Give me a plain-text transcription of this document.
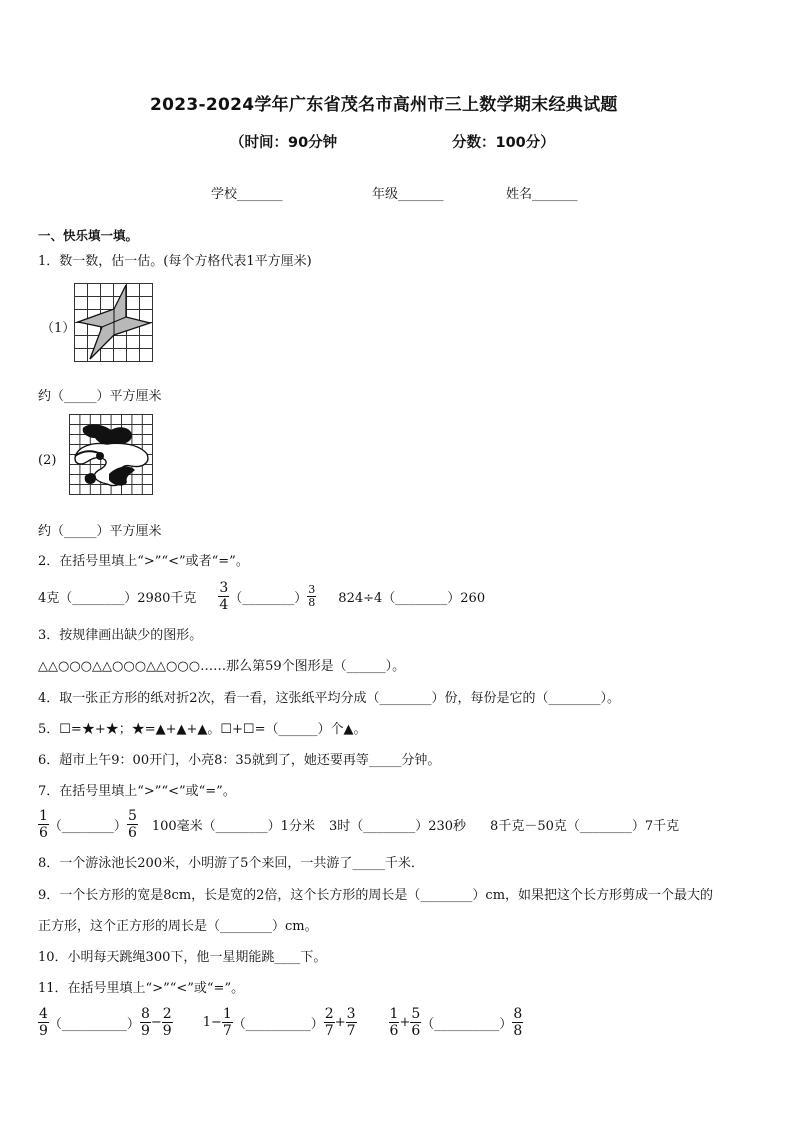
2023-2024学年广东省茂名市高州市三上数学期末经典试题
（时间：90分钟	分数：100分）
学校_______	年级_______	姓名_______
一、快乐填一填。
1．数一数，估一估。(每个方格代表1平方厘米)
（1）
约（_____）平方厘米
(2)
约（_____）平方厘米
2．在括号里填上“>”“<”或者“=”。
4克（________）2980千克 $\frac{3}{4}$ （________） $\frac{3}{8}$ 824÷4（________）260
3．按规律画出缺少的图形。
△△○○○△△○○○△△○○○……那么第59个图形是（______）。
4．取一张正方形的纸对折2次，看一看，这张纸平均分成（________）份，每份是它的（________）。
5．☐=★+★；★=▲+▲+▲。☐+☐=（______）个▲。
6．超市上午9：00开门，小亮8：35就到了，她还要再等_____分钟。
7．在括号里填上“>”“<”或“=”。
$\frac{1}{6}$ （________） $\frac{5}{6} 100$毫米（________）1分米 3时（________）230秒 8千克－50克（________）7千克
8．一个游泳池长200米，小明游了5个来回，一共游了_____千米．
9．一个长方形的宽是8cm，长是宽的2倍，这个长方形的周长是（________）cm，如果把这个长方形剪成一个最大的
正方形，这个正方形的周长是（________）cm。
10．小明每天跳绳300下，他一星期能跳____下。
11．在括号里填上“>”“<”或“=”。
$\frac{4}{9}$ （__________） $\frac{8}{9} - \frac{2}{9} 1- \frac{1}{7}$ （__________） $\frac{2}{7} + \frac{3}{7} \frac{1}{6} + \frac{5}{6}$ （__________） $\frac{8}{8}$
